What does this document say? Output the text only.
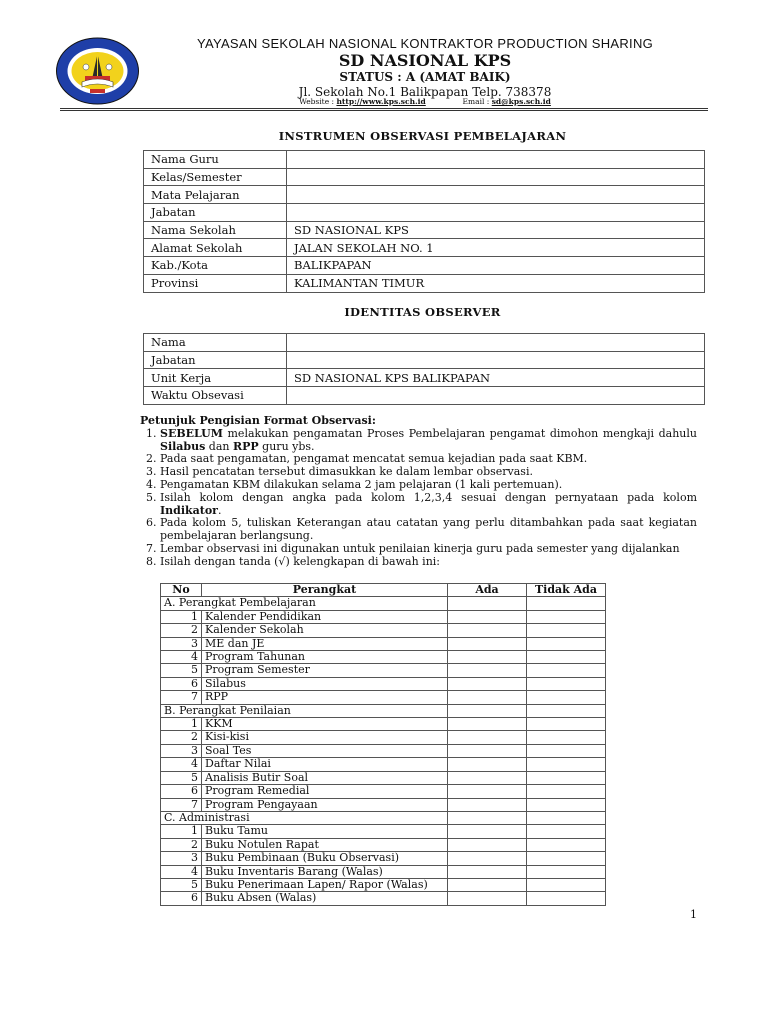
YAYASAN SEKOLAH NASIONAL KONTRAKTOR PRODUCTION SHARING
SD NASIONAL KPS
STATUS : A (AMAT BAIK)
Jl. Sekolah No.1 Balikpapan Telp. 738378
Website : http://www.kps.sch.id	Email : sd@kps.sch.id
INSTRUMEN OBSERVASI PEMBELAJARAN
Nama Guru	
Kelas/Semester	
Mata Pelajaran	
Jabatan	
Nama Sekolah	SD NASIONAL KPS
Alamat Sekolah	JALAN SEKOLAH NO. 1
Kab./Kota	BALIKPAPAN
Provinsi	KALIMANTAN TIMUR
IDENTITAS OBSERVER
Nama	
Jabatan	
Unit Kerja	SD NASIONAL KPS BALIKPAPAN
Waktu Obsevasi	
Petunjuk Pengisian Format Observasi:
1. SEBELUM melakukan pengamatan Proses Pembelajaran pengamat dimohon mengkaji dahulu Silabus dan RPP guru ybs.
2. Pada saat pengamatan, pengamat mencatat semua kejadian pada saat KBM.
3. Hasil pencatatan tersebut dimasukkan ke dalam lembar observasi.
4. Pengamatan KBM dilakukan selama 2 jam pelajaran (1 kali pertemuan).
5. Isilah kolom dengan angka pada kolom 1,2,3,4 sesuai dengan pernyataan pada kolom Indikator.
6. Pada kolom 5, tuliskan Keterangan atau catatan yang perlu ditambahkan pada saat kegiatan pembelajaran berlangsung.
7. Lembar observasi ini digunakan untuk penilaian kinerja guru pada semester yang dijalankan
8. Isilah dengan tanda (√) kelengkapan di bawah ini:
No	Perangkat	Ada	Tidak Ada
A. Perangkat Pembelajaran			
1	Kalender Pendidikan		
2	Kalender Sekolah		
3	ME dan JE		
4	Program Tahunan		
5	Program Semester		
6	Silabus		
7	RPP		
B. Perangkat Penilaian			
1	KKM		
2	Kisi-kisi		
3	Soal Tes		
4	Daftar Nilai		
5	Analisis Butir Soal		
6	Program Remedial		
7	Program Pengayaan		
C. Administrasi			
1	Buku Tamu		
2	Buku Notulen Rapat		
3	Buku Pembinaan (Buku Observasi)		
4	Buku Inventaris Barang (Walas)		
5	Buku Penerimaan Lapen/ Rapor (Walas)		
6	Buku Absen (Walas)		
1
